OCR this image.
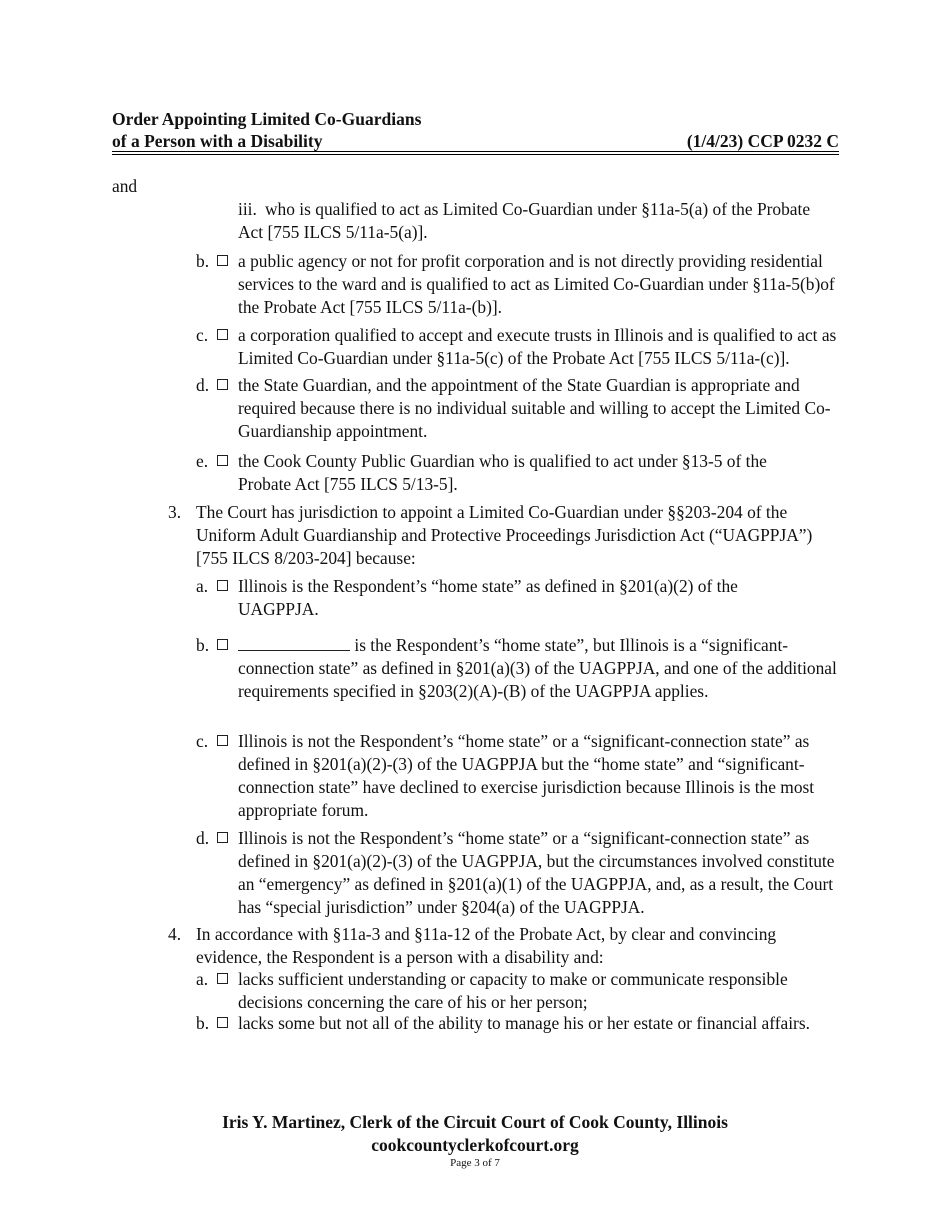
Order Appointing Limited Co-Guardians
of a Person with a Disability	(1/4/23) CCP 0232 C
and
iii. who is qualified to act as Limited Co-Guardian under §11a-5(a) of the Probate Act [755 ILCS 5/11a-5(a)].
b. a public agency or not for profit corporation and is not directly providing residential services to the ward and is qualified to act as Limited Co-Guardian under §11a-5(b)of the Probate Act [755 ILCS 5/11a-(b)].
c. a corporation qualified to accept and execute trusts in Illinois and is qualified to act as Limited Co-Guardian under §11a-5(c) of the Probate Act [755 ILCS 5/11a-(c)].
d. the State Guardian, and the appointment of the State Guardian is appropriate and required because there is no individual suitable and willing to accept the Limited Co-Guardianship appointment.
e. the Cook County Public Guardian who is qualified to act under §13-5 of the Probate Act [755 ILCS 5/13-5].
3. The Court has jurisdiction to appoint a Limited Co-Guardian under §§203-204 of the Uniform Adult Guardianship and Protective Proceedings Jurisdiction Act (“UAGPPJA”) [755 ILCS 8/203-204] because:
a. Illinois is the Respondent’s “home state” as defined in §201(a)(2) of the UAGPPJA.
b.	is the Respondent’s “home state”, but Illinois is a “significant-connection state” as defined in §201(a)(3) of the UAGPPJA, and one of the additional requirements specified in §203(2)(A)-(B) of the UAGPPJA applies.
c. Illinois is not the Respondent’s “home state” or a “significant-connection state” as defined in §201(a)(2)-(3) of the UAGPPJA but the “home state” and “significant-connection state” have declined to exercise jurisdiction because Illinois is the most appropriate forum.
d. Illinois is not the Respondent’s “home state” or a “significant-connection state” as defined in §201(a)(2)-(3) of the UAGPPJA, but the circumstances involved constitute an “emergency” as defined in §201(a)(1) of the UAGPPJA, and, as a result, the Court has “special jurisdiction” under §204(a) of the UAGPPJA.
4. In accordance with §11a-3 and §11a-12 of the Probate Act, by clear and convincing evidence, the Respondent is a person with a disability and:
a. lacks sufficient understanding or capacity to make or communicate responsible decisions concerning the care of his or her person;
b. lacks some but not all of the ability to manage his or her estate or financial affairs.
Iris Y. Martinez, Clerk of the Circuit Court of Cook County, Illinois
cookcountyclerkofcourt.org
Page 3 of 7
